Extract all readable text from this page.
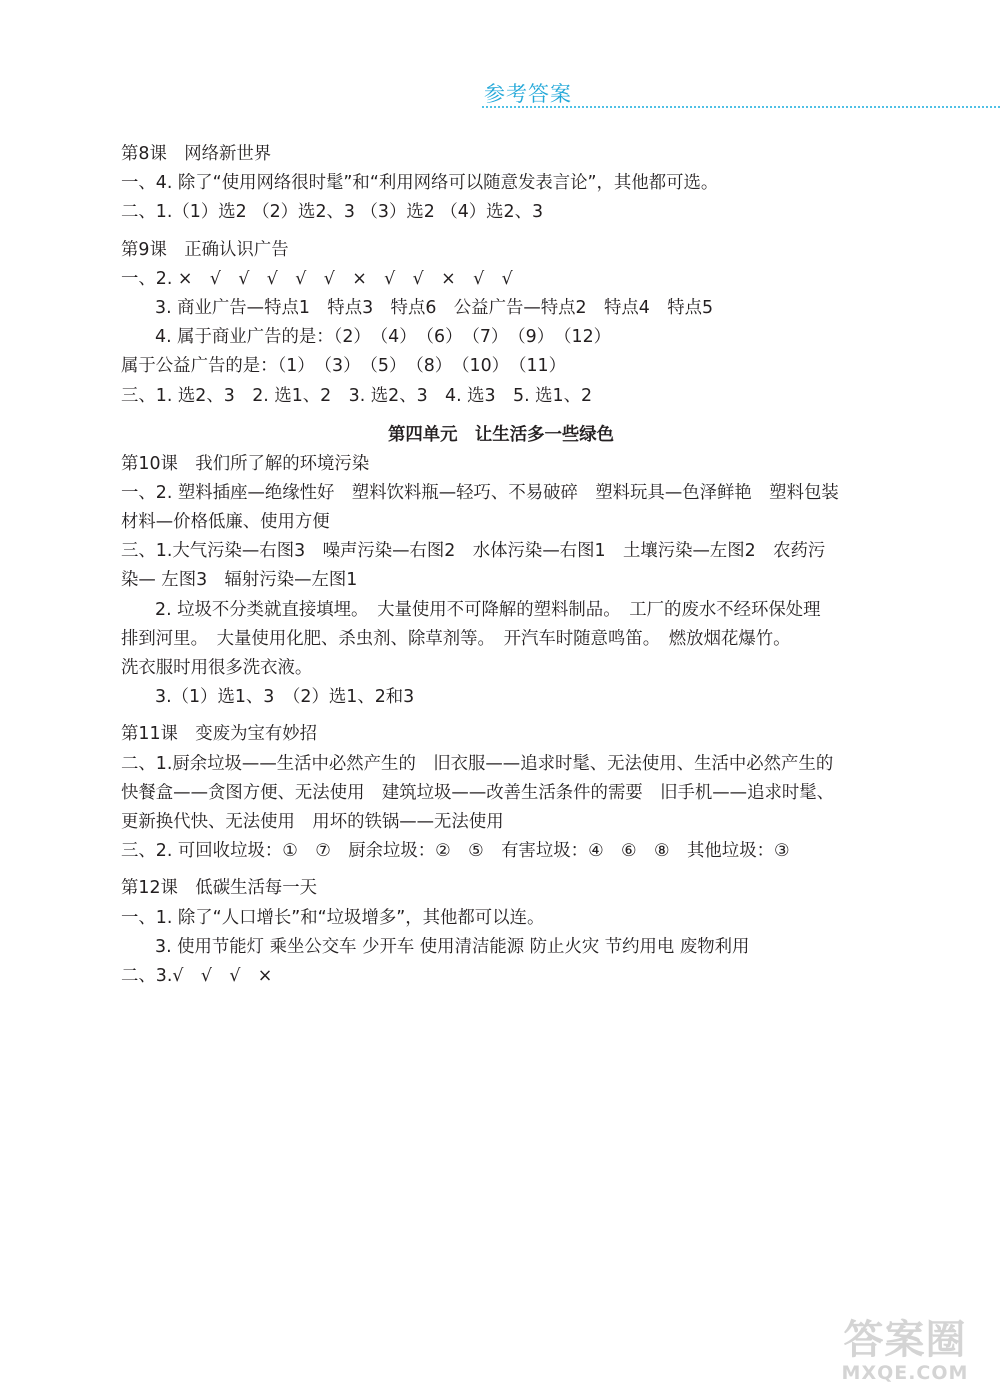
参考答案
第8课　网络新世界
一、4. 除了“使用网络很时髦”和“利用网络可以随意发表言论”，其他都可选。
二、1.（1）选2 （2）选2、3 （3）选2 （4）选2、3
第9课　正确认识广告
一、2. ×　√　√　√　√　√　×　√　√　×　√　√
3. 商业广告—特点1　特点3　特点6　公益广告—特点2　特点4　特点5
4. 属于商业广告的是：（2）　（4）　（6）　（7）　（9）　（12）
属于公益广告的是：（1）　（3）　（5）　（8）　（10）　（11）
三、1. 选2、3　2. 选1、2　3. 选2、3　4. 选3　5. 选1、2
第四单元　让生活多一些绿色
第10课　我们所了解的环境污染
一、2. 塑料插座—绝缘性好　塑料饮料瓶—轻巧、不易破碎　塑料玩具—色泽鲜艳　塑料包装
材料—价格低廉、使用方便
三、1.大气污染—右图3　噪声污染—右图2　水体污染—右图1　土壤污染—左图2　农药污
染— 左图3　辐射污染—左图1
2. 垃圾不分类就直接填埋。　大量使用不可降解的塑料制品。　工厂的废水不经环保处理
排到河里。　大量使用化肥、杀虫剂、除草剂等。　开汽车时随意鸣笛。　燃放烟花爆竹。
洗衣服时用很多洗衣液。
3.（1）选1、3　（2）选1、2和3
第11课　变废为宝有妙招
二、1.厨余垃圾——生活中必然产生的　旧衣服——追求时髦、无法使用、生活中必然产生的
快餐盒——贪图方便、无法使用　建筑垃圾——改善生活条件的需要　旧手机——追求时髦、
更新换代快、无法使用　用坏的铁锅——无法使用
三、2. 可回收垃圾：①　⑦　厨余垃圾：②　⑤　有害垃圾：④　⑥　⑧　其他垃圾：③
第12课　低碳生活每一天
一、1. 除了“人口增长”和“垃圾增多”，其他都可以连。
3. 使用节能灯 乘坐公交车 少开车 使用清洁能源 防止火灾 节约用电 废物利用
二、3.√　√　√　×
答案圈
MXQE.COM
